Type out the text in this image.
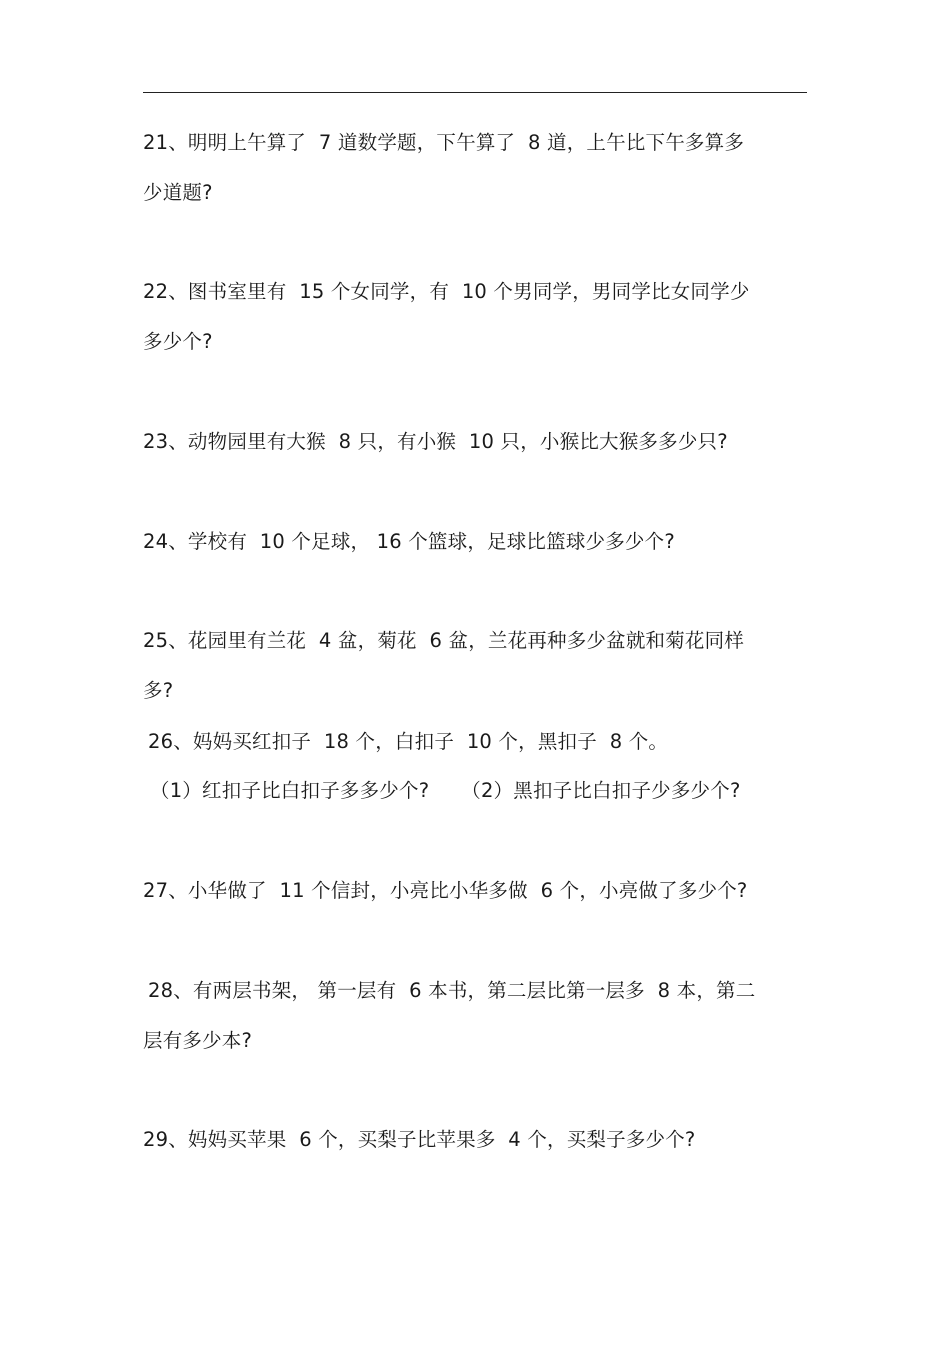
21、明明上午算了  7 道数学题，下午算了  8 道，上午比下午多算多
少道题?
22、图书室里有  15 个女同学，有  10 个男同学，男同学比女同学少
多少个?
23、动物园里有大猴  8 只，有小猴  10 只，小猴比大猴多多少只?
24、学校有  10 个足球， 16 个篮球，足球比篮球少多少个?
25、花园里有兰花  4 盆，菊花  6 盆，兰花再种多少盆就和菊花同样
多?
26、妈妈买红扣子  18 个，白扣子  10 个，黑扣子  8 个。
（1）红扣子比白扣子多多少个?     （2）黑扣子比白扣子少多少个?
27、小华做了  11 个信封，小亮比小华多做  6 个，小亮做了多少个?
28、有两层书架， 第一层有  6 本书，第二层比第一层多  8 本，第二
层有多少本?
29、妈妈买苹果  6 个，买梨子比苹果多  4 个，买梨子多少个?
